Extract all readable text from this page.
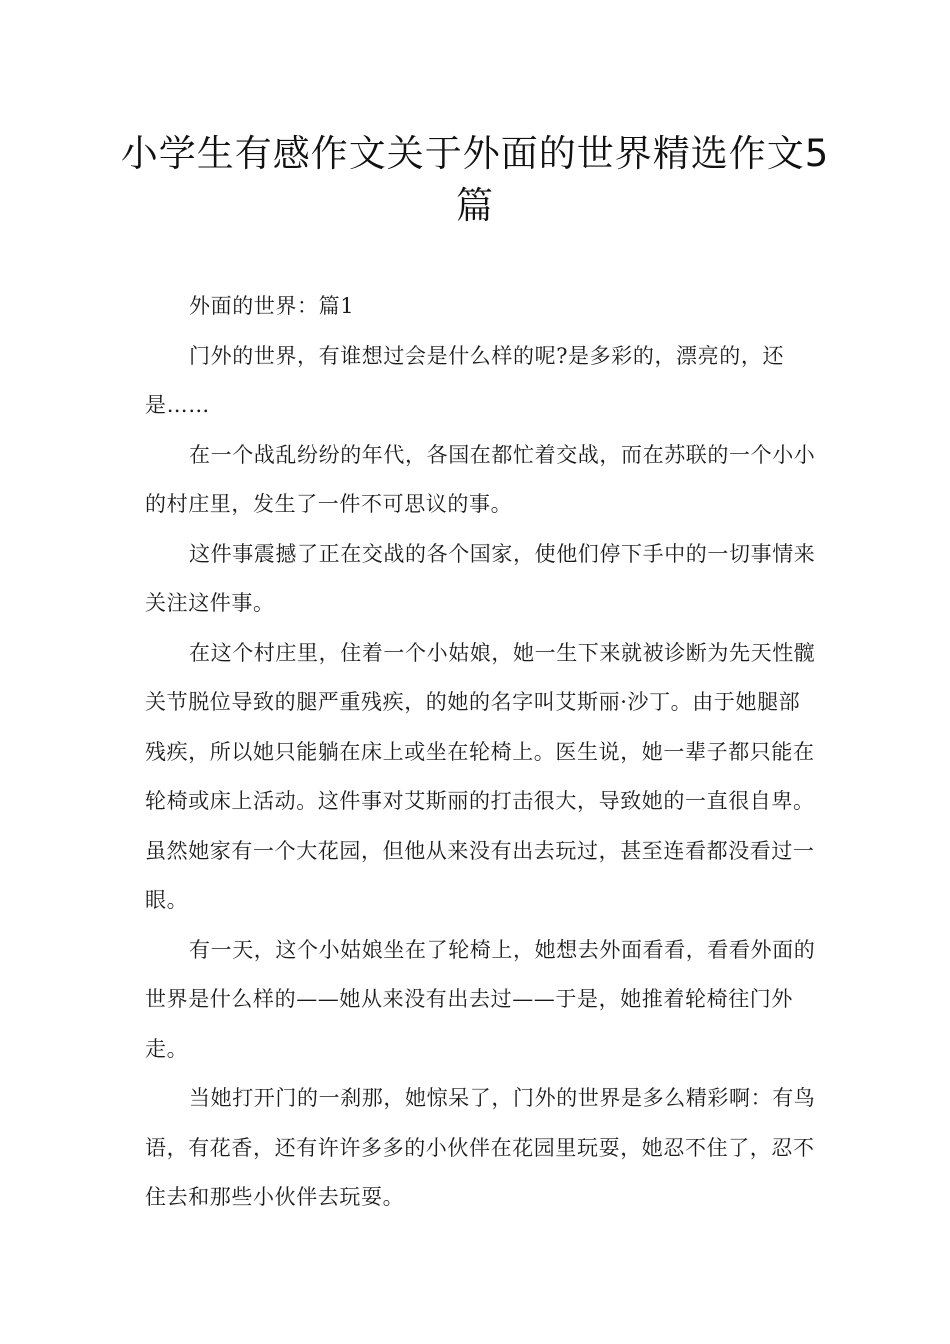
小学生有感作文关于外面的世界精选作文5篇

外面的世界：篇1

门外的世界，有谁想过会是什么样的呢?是多彩的，漂亮的，还是……

在一个战乱纷纷的年代，各国在都忙着交战，而在苏联的一个小小的村庄里，发生了一件不可思议的事。

这件事震撼了正在交战的各个国家，使他们停下手中的一切事情来关注这件事。

在这个村庄里，住着一个小姑娘，她一生下来就被诊断为先天性髋关节脱位导致的腿严重残疾，的她的名字叫艾斯丽·沙丁。由于她腿部残疾，所以她只能躺在床上或坐在轮椅上。医生说，她一辈子都只能在轮椅或床上活动。这件事对艾斯丽的打击很大，导致她的一直很自卑。虽然她家有一个大花园，但他从来没有出去玩过，甚至连看都没看过一眼。

有一天，这个小姑娘坐在了轮椅上，她想去外面看看，看看外面的世界是什么样的——她从来没有出去过——于是，她推着轮椅往门外走。

当她打开门的一刹那，她惊呆了，门外的世界是多么精彩啊：有鸟语，有花香，还有许许多多的小伙伴在花园里玩耍，她忍不住了，忍不住去和那些小伙伴去玩耍。
